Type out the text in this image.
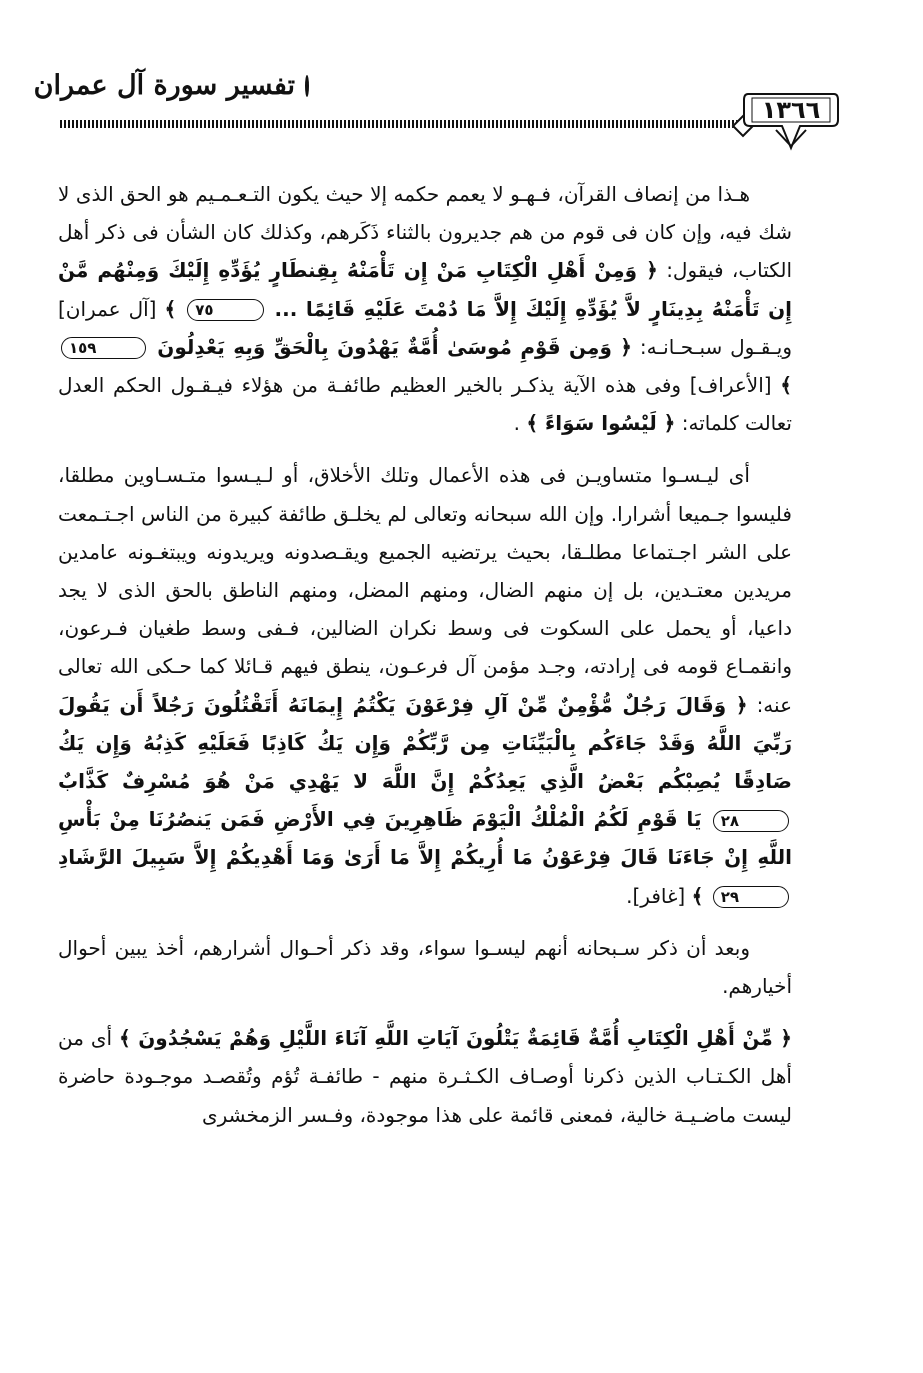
تفسير سورة آل عمران
١٣٦٦

هـذا من إنصاف القرآن، فـهـو لا يعمم حكمه إلا حيث يكون التـعـمـيم هو الحق الذى لا شك فيه، وإن كان فى قوم من هم جديرون بالثناء ذَكَرهم، وكذلك كان الشأن فى ذكر أهل الكتاب، فيقول: ﴿ وَمِنْ أَهْلِ الْكِتَابِ مَنْ إِن تَأْمَنْهُ بِقِنطَارٍ يُؤَدِّهِ إِلَيْكَ وَمِنْهُم مَّنْ إِن تَأْمَنْهُ بِدِينَارٍ لاَّ يُؤَدِّهِ إِلَيْكَ إِلاَّ مَا دُمْتَ عَلَيْهِ قَائِمًا ... ٧٥ ﴾ [آل عمران] ويـقـول سبـحـانـه: ﴿ وَمِن قَوْمِ مُوسَىٰ أُمَّةٌ يَهْدُونَ بِالْحَقِّ وَبِهِ يَعْدِلُونَ ١٥٩ ﴾ [الأعراف] وفى هذه الآية يذكـر بالخير العظيم طائفـة من هؤلاء فيـقـول الحكم العدل تعالت كلماته: ﴿ لَيْسُوا سَوَاءً ﴾ .

أى ليـسـوا متساويـن فى هذه الأعمال وتلك الأخلاق، أو لـيـسوا متـسـاوين مطلقا، فليسوا جـميعا أشرارا. وإن الله سبحانه وتعالى لم يخلـق طائفة كبيرة من الناس اجـتـمعت على الشر اجـتماعا مطلـقا، بحيث يرتضيه الجميع ويقـصدونه ويريدونه ويبتغـونه عامدين مريدين معتـدين، بل إن منهم الضال، ومنهم المضل، ومنهم الناطق بالحق الذى لا يجد داعيا، أو يحمل على السكوت فى وسط نكران الضالين، فـفى وسط طغيان فـرعون، وانقمـاع قومه فى إرادته، وجـد مؤمن آل فرعـون، ينطق فيهم قـائلا كما حـكى الله تعالى عنه: ﴿ وَقَالَ رَجُلٌ مُّؤْمِنٌ مِّنْ آلِ فِرْعَوْنَ يَكْتُمُ إِيمَانَهُ أَتَقْتُلُونَ رَجُلاً أَن يَقُولَ رَبِّيَ اللَّهُ وَقَدْ جَاءَكُم بِالْبَيِّنَاتِ مِن رَّبِّكُمْ وَإِن يَكُ كَاذِبًا فَعَلَيْهِ كَذِبُهُ وَإِن يَكُ صَادِقًا يُصِبْكُم بَعْضُ الَّذِي يَعِدُكُمْ إِنَّ اللَّهَ لا يَهْدِي مَنْ هُوَ مُسْرِفٌ كَذَّابٌ ٢٨ يَا قَوْمِ لَكُمُ الْمُلْكُ الْيَوْمَ ظَاهِرِينَ فِي الأَرْضِ فَمَن يَنصُرُنَا مِنْ بَأْسِ اللَّهِ إِنْ جَاءَنَا قَالَ فِرْعَوْنُ مَا أُرِيكُمْ إِلاَّ مَا أَرَىٰ وَمَا أَهْدِيكُمْ إِلاَّ سَبِيلَ الرَّشَادِ ٢٩ ﴾ [غافر].

وبعد أن ذكر سـبحانه أنهم ليسـوا سواء، وقد ذكر أحـوال أشرارهم، أخذ يبين أحوال أخيارهم.

﴿ مِّنْ أَهْلِ الْكِتَابِ أُمَّةٌ قَائِمَةٌ يَتْلُونَ آيَاتِ اللَّهِ آنَاءَ اللَّيْلِ وَهُمْ يَسْجُدُونَ ﴾ أى من أهل الكـتـاب الذين ذكرنا أوصـاف الكـثـرة منهم - طائفـة تُؤم وتُقصـد موجـودة حاضرة ليست ماضـيـة خالية، فمعنى قائمة على هذا موجودة، وفـسر الزمخشرى
